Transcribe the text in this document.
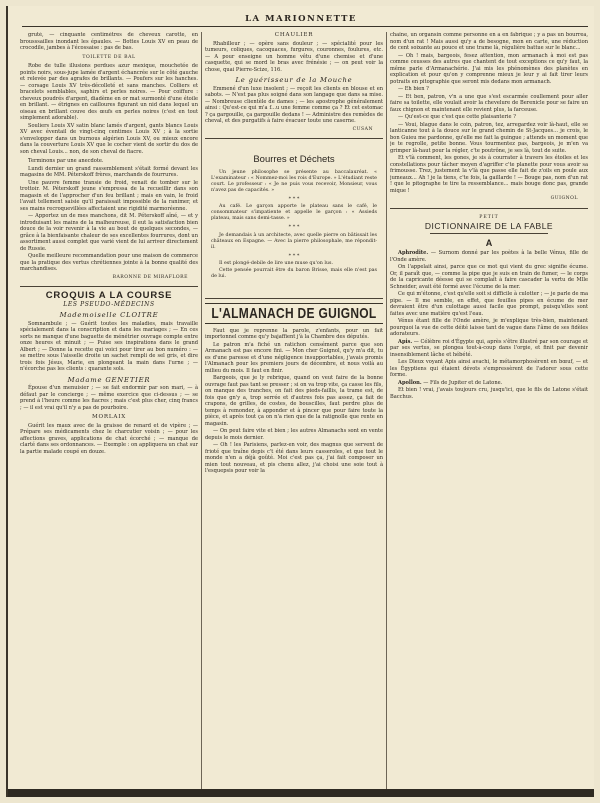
LA MARIONNETTE

gruté, — cinquante centimètres de cheveux carotte, en brousssailles inondant les épaules. — Bottes Louis XV en peau de crocodile, jambes à l'écossaise : pas de bas.

TOILETTE DE BAL

Robe de tulle illusions perdues azur mexique, mouchetée de points noirs, sous-jupe lamée d'argent échancrée sur le côté gauche et relevée par des agrafes de brillants. — Poufers sur les hanches. — corsage Louis XV très-décolleté et sans manches. Colliers et bracelets semblables, saphirs et perles noires. — Pour coiffure : cheveux poudrés d'argent, diadème en or mat surmonté d'une étoile en brillant. — étrignes en cailloures figurant un nid dans lequel un oiseau en brillant couve des œufs en perles noires (c'est en tout simplement adorable).

Souliers Louis XV satin blanc lamés d'argent, gants blancs Louis XV avec éventail de vingt-cinq centimes Louis XV ; à la sortie s'envelopper dans un burnous algérien Louis XV, ou mieux encore dans la couverture Louis XV que le cocher vient de sortir du dos de son cheval Louis... non, de son cheval de fiacre.

Terminons par une anecdote.

Lundi dernier un grand rassemblement s'était formé devant les magasins de MM. Péterskoff frères, marchands de fourrures.

Une pauvre femme transie de froid, venait de tomber sur le trottoir. M. Péterskoff jeune s'empressa de la recueillir dans son magasin et de l'approcher d'un feu brillant ; mais en vain, le froid l'avait tellement saisie qu'il paraissait impossible de la ranimer, et ses mains recroquevillées affectaient une rigidité marmoréenne.

— Apportez un de mes manchons, dit M. Péterskoff aîné, — et y introduisant les mains de la malheureuse, il eut la satisfaction bien douce de la voir revenir à la vie au bout de quelques secondes, — grâce à la bienfaisante chaleur de ses excellentes fourrures, dont un assortiment aussi complet que varié vient de lui arriver directement de Russie.

Quelle meilleure recommandation pour une maison de commerce que la pratique des vertus chrétiennes jointe à la bonne qualité des marchandises.

BARONNE DE MIRAFLORE
CROQUIS A LA COURSE
LES PSEUDO-MÉDECINS
Mademoiselle CLOITRE

Somnambule ; — Guérit toutes les maladies, mais travaille spécialement dans la conscription et dans les mariages ; — En ces sorts ne manque d'une baguette de ménétrier ouvrage compte entre onze heures et minuit ; — Puise ses inspirations dans le grand Albert ; — Donne la recette qui voici pour tirer au bon numéro : — se mettre sous l'aisselle droite un sachet rempli de sel gris, et dire trois fois Jésus, Marie, en plongeant la main dans l'urne ; — n'écorche pas les clients : quarante sols.

Madame GENETIER

Épouse d'un menuisier ; — se fait endormir par son mari, — à défaut par le concierge ; — même exercice que ci-dessus ; — se prend à l'heure comme les fiacres ; mais c'est plus cher, cinq francs ; — il est vrai qu'il n'y a pas de pourboire.

MORLAIX

Guérit les maux avec de la graisse de renard et de vipère ; — Prépare ses médicaments chez le charcutier voisin ; — pour les affections graves, applications de chat écorché ; — manque de clarté dans ses ordonnances. — Exemple : on appliquera un chat sur la partie malade coupé en douze.

CHAULIER

Rhabilleur ; — opère sans douleur ; — spécialité pour les tumeurs, coliques, cacoquaces, furgures, couronnes, foulures, etc. — A pour enseigne un homme vêtu d'une chemise et d'une casquette, qui se mord le bras avec frénésie ; — on peut voir la chose, quai Pierre-Scize, 116.

Le guérisseur de la Mouche

Emmené d'un luxe insolent ; — reçoit les clients en blouse et en sabots. — N'est pas plus soigné dans son langage que dans sa mise. — Nombreuse clientèle de dames ; — les apostrophe généralement ainsi : Qu'est-ce qui m'a f...u une femme comme ça ? Et cet estomac ? ça gargouille, ça gargouille dedans ! — Administre des remèdes de cheval, et des purgatifs à faire évacuer toute une caserne.

CUSAN
Bourres et Déchets

Un jeune philosophe se présente au baccalauréat. « L'examinateur : « Nommez-moi les rois d'Europe. » L'étudiant reste court. Le professeur : « Je ne puis vous recevoir, Monsieur, vous n'avez pas de capacités. »

* * *

Au café. Le garçon apporte le plateau sans le café, le consommateur s'impatiente et appelle le garçon : « Assieds plateau, mais sans demi-tasse. »

* * *

Je demandais à un architecte, avec quelle pierre on bâtissait les châteaux en Espagne. — Avec la pierre philosophale, me répondit-il.

* * *

Il est plongé-debile de lire une muse qu'on lus.

Cette pensée pourrait être du baron Brisse, mais elle n'est pas de lui.

L'ALMANACH DE GUIGNOL

Faut que je reprenne la parole, z'enfants, pour un fait importonnel comme qu'y bajaffient j'à la Chambre des députés.

Le patron m'a fiché un ratichon censément parce que son Armanach est pas encore fini. — Mon cher Guignol, qu'y m'a dit, tu es d'une paresse et d'une négligence insupportables, j'avais promis l'Almanach pour les premiers jours de décembre, et nous voilà au milieu du mois. Il faut en finir.

Bargeois, que je ly rebrique, quand on veut faire de la bonne ouvrage faut pas tant se presser ; si on va trop vite, ça casse les fils, on manque des tranches, on fait des pieds-faillis, la trame est, de fois que gn'y a, trop serrée et d'autres fois pas assez, ça fait de crapons, de grilles, de costes, de bouscilles, faut perdre plus de temps à remonder, à apponder et à pincer que pour faire toute la pièce, et après tout ça on n'a rien que de la ratignolle que rente en magasin.

— On peut faire vite et bien ; les autres Almanachs sont en vente depuis le mois dernier.

— Oh ! les Parisiens, parlez-en voir, des magnus que servent de frioté que traîne depis c't été dans leurs casseroles, et que tout le monde n'en a déjà goûté. Moi c'est pas ça, j'ai fait composer un mien tout nouveau, et pis chenu allez, j'ai choisi une soie tout à l'esquepsis pour voir la

chaîne, un organsin comme personne en a en fabrique ; y a pas un bourrea, nom d'un rat ! Mais aussi qu'y a de besogne, mon en carte, une réduction de cent soixante au pouce et une trame là, régulière battue sur le blanc...

— Oh ! mais, bargeois, fesez attention, mon armanach à moi est pas comme ceusses des autres que chantent de tout exceptions ce qu'y faut, la même parle d'Armanachérie. J'ai mis les phénomènes des planètes en explication et pour qu'on y comprenne mieux je leur y ai fait tirer leurs potraits en pitographie que seront mis dedans mon armanach.

— Eh bien ?

— Et ben, patron, v'n a une que s'est escarmée coullement pour aller faire sa toilette, elle voulait avoir la chevelure de Berenicle pour se faire un faux chignon et maintenant elle revient plus, la farceuse.

— Qu'est-ce que c'est que cette plaisanterie ?

— Voui, blague dans le coin, patron, tez, arregardez voir là-haut, elle se lanticanne tout à la douce sur le grand chemin de St-Jacques... je crois, le bon Guieu me pardonne, qu'elle me fait la guingue ; attends un moment que je te regrolle, petite bonne. Vous tourmentez pas, bargeois, je m'en va grimper là-haut pour la régler, c'te poutrône, je ses là, tout de suite.

Et v'là comment, les gones, je sis à courrater à travers les étoiles et les constellations pour tâcher moyen d'agriffer c'te planette pour vous avoir sa frimousse. Trez, justement la v'là que passe elle fait de z'oils en poule aux jumeaux... Ah ! je la tiens, c'te fois, la gaillarde ! — Bouge pas, nom d'un rat ! que le pitographe te tire ta ressemblance... mais bouge donc pas, grande mique !

GUIGNOL
PETIT
DICTIONNAIRE DE LA FABLE
A

Aphrodite. — Surnom donné par les poètes à la belle Vénus, fille de l'Onde amère.

On l'appelait ainsi, parce que ce mot qui vient du grec signifie écume. Or, il paraît que, — comme la pipe que je suis en train de fumer, — le corps de la capricante déesse qui se complaît à faire cascader la vertu de Mlle Schneider, avait été formé avec l'écume de la mer.

Ce qui m'étonne, c'est qu'elle soit si difficile à culotter ; — je parle de ma pipe. — Il me semble, en effet, que feuilles pipes en écume de mer devraient être d'un culottage aussi facile que prompt, puisqu'elles sont faites avec une matière qu'est l'eau.

Vénus étant fille de l'Onde amère, je m'explique très-bien, maintenant pourquoi la vue de cette déité laisse tant de vague dans l'âme de ses fidèles adorateurs.

Apis. — Célèbre roi d'Égypte qui, après s'être illustré par son courage et par ses vertus, se plongea tout-à-coup dans l'orgie, et finit par devenir insensiblement lâche et hébété.

Les Dieux voyant Apis ainsi avachi, le métamorphosèrent en bœuf, — et les Égyptiens qui étaient dévots s'empressèrent de l'adorer sous cette forme.

Apollon. — Fils de Jupiter et de Latone.

Et bien ! vrai, j'avais toujours cru, jusqu'ici, que le fils de Latone s'était Bacchus.
